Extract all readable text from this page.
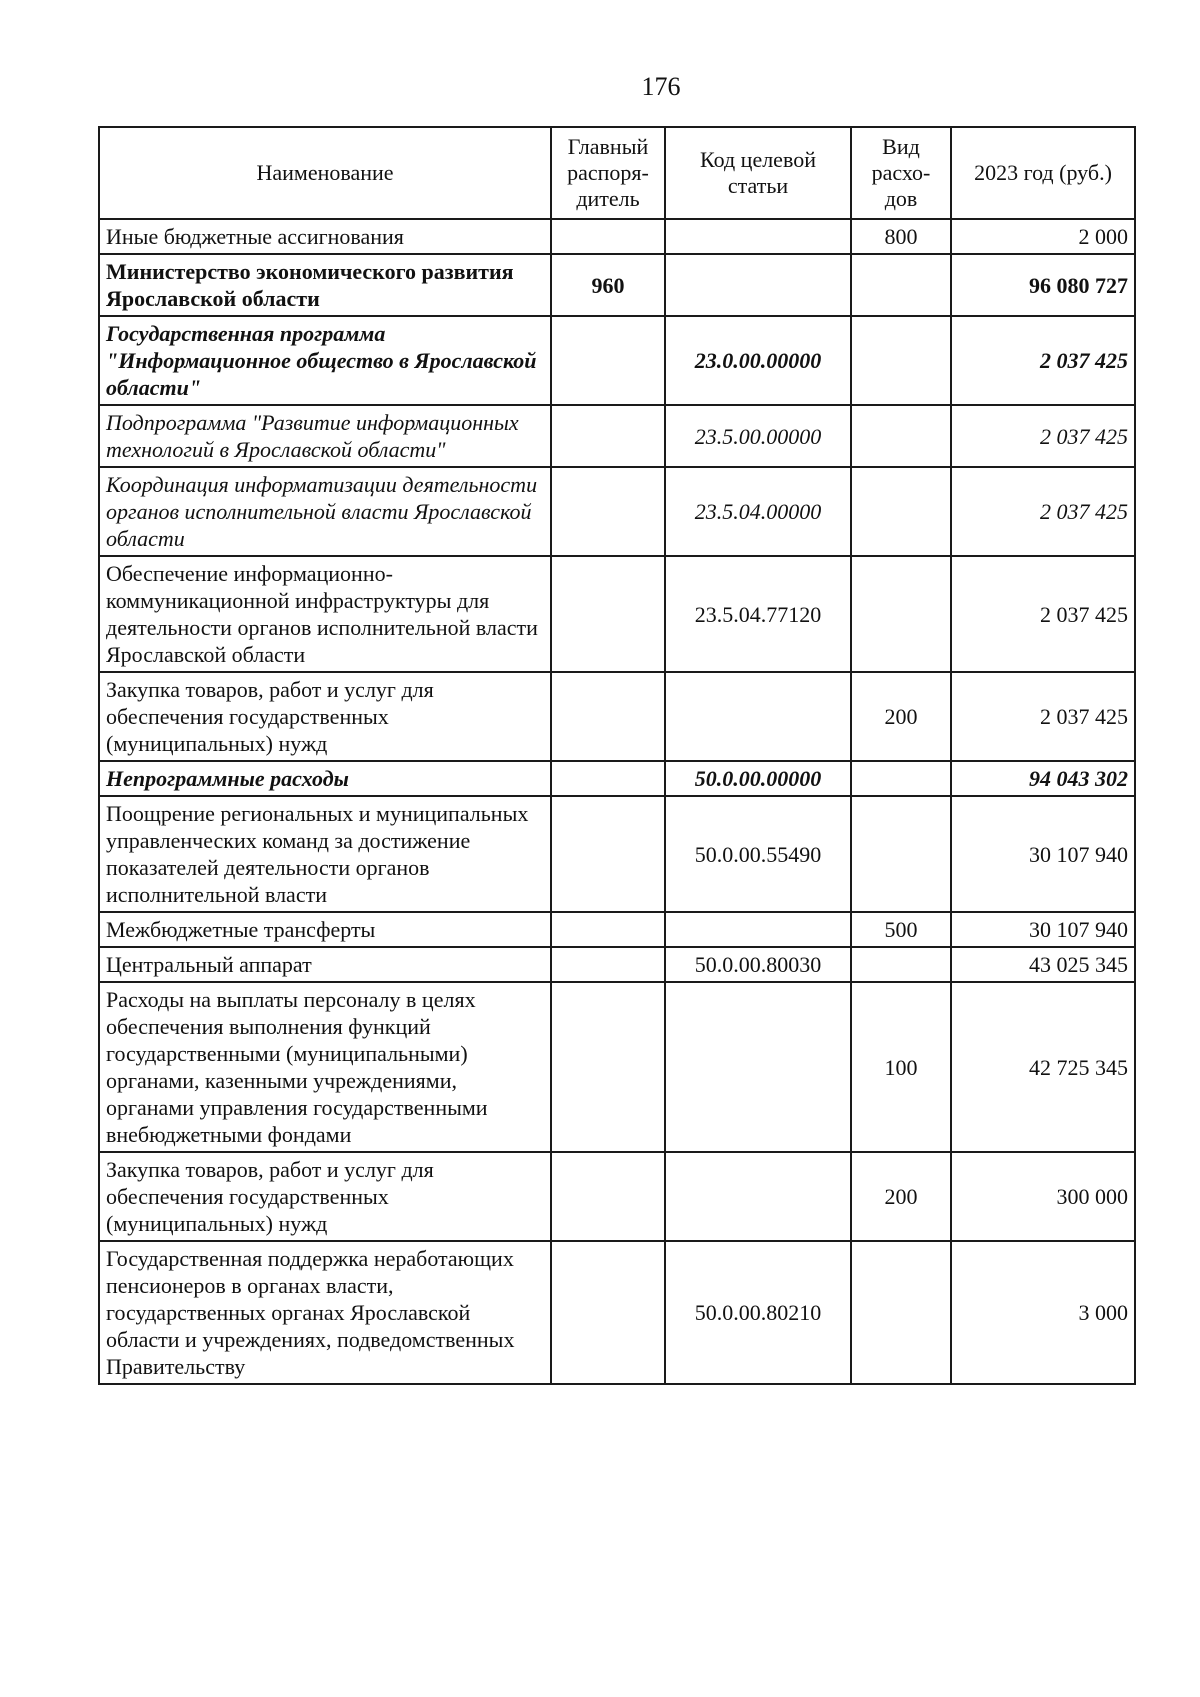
176
Наименование	Главный распоря-дитель	Код целевой статьи	Вид расхо-дов	2023 год (руб.)
Иные бюджетные ассигнования			800	2 000
Министерство экономического развития Ярославской области	960			96 080 727
Государственная программа "Информационное общество в Ярославской области"		23.0.00.00000		2 037 425
Подпрограмма "Развитие информационных технологий в Ярославской области"		23.5.00.00000		2 037 425
Координация информатизации деятельности органов исполнительной власти Ярославской области		23.5.04.00000		2 037 425
Обеспечение информационно-коммуникационной инфраструктуры для деятельности органов исполнительной власти Ярославской области		23.5.04.77120		2 037 425
Закупка товаров, работ и услуг для обеспечения государственных (муниципальных) нужд			200	2 037 425
Непрограммные расходы		50.0.00.00000		94 043 302
Поощрение региональных и муниципальных управленческих команд за достижение показателей деятельности органов исполнительной власти		50.0.00.55490		30 107 940
Межбюджетные трансферты			500	30 107 940
Центральный аппарат		50.0.00.80030		43 025 345
Расходы на выплаты персоналу в целях обеспечения выполнения функций государственными (муниципальными) органами, казенными учреждениями, органами управления государственными внебюджетными фондами			100	42 725 345
Закупка товаров, работ и услуг для обеспечения государственных (муниципальных) нужд			200	300 000
Государственная поддержка неработающих пенсионеров в органах власти, государственных органах Ярославской области и учреждениях, подведомственных Правительству		50.0.00.80210		3 000
